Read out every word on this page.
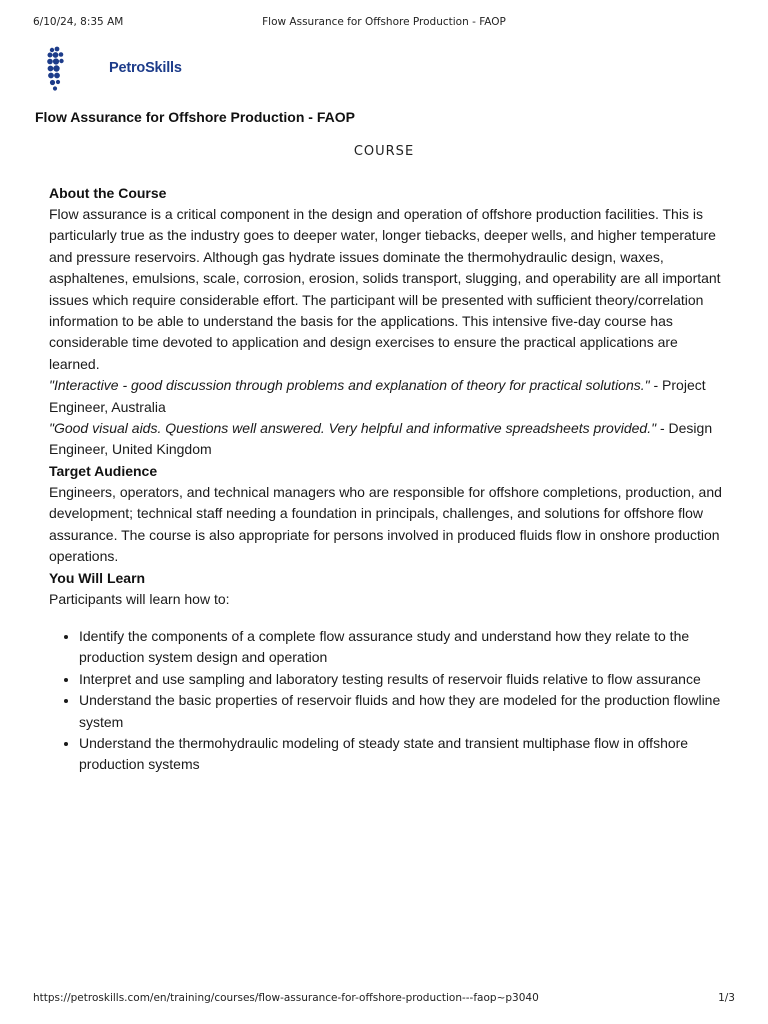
6/10/24, 8:35 AM	Flow Assurance for Offshore Production - FAOP
PetroSkills
Flow Assurance for Offshore Production - FAOP
COURSE
About the Course

Flow assurance is a critical component in the design and operation of offshore production facilities. This is particularly true as the industry goes to deeper water, longer tiebacks, deeper wells, and higher temperature and pressure reservoirs. Although gas hydrate issues dominate the thermohydraulic design, waxes, asphaltenes, emulsions, scale, corrosion, erosion, solids transport, slugging, and operability are all important issues which require considerable effort. The participant will be presented with sufficient theory/correlation information to be able to understand the basis for the applications. This intensive five-day course has considerable time devoted to application and design exercises to ensure the practical applications are learned.

"Interactive - good discussion through problems and explanation of theory for practical solutions." - Project Engineer, Australia

"Good visual aids. Questions well answered. Very helpful and informative spreadsheets provided." - Design Engineer, United Kingdom

Target Audience

Engineers, operators, and technical managers who are responsible for offshore completions, production, and development; technical staff needing a foundation in principals, challenges, and solutions for offshore flow assurance. The course is also appropriate for persons involved in produced fluids flow in onshore production operations.

You Will Learn

Participants will learn how to:

• Identify the components of a complete flow assurance study and understand how they relate to the production system design and operation
• Interpret and use sampling and laboratory testing results of reservoir fluids relative to flow assurance
• Understand the basic properties of reservoir fluids and how they are modeled for the production flowline system
• Understand the thermohydraulic modeling of steady state and transient multiphase flow in offshore production systems
https://petroskills.com/en/training/courses/flow-assurance-for-offshore-production---faop~p3040	1/3
